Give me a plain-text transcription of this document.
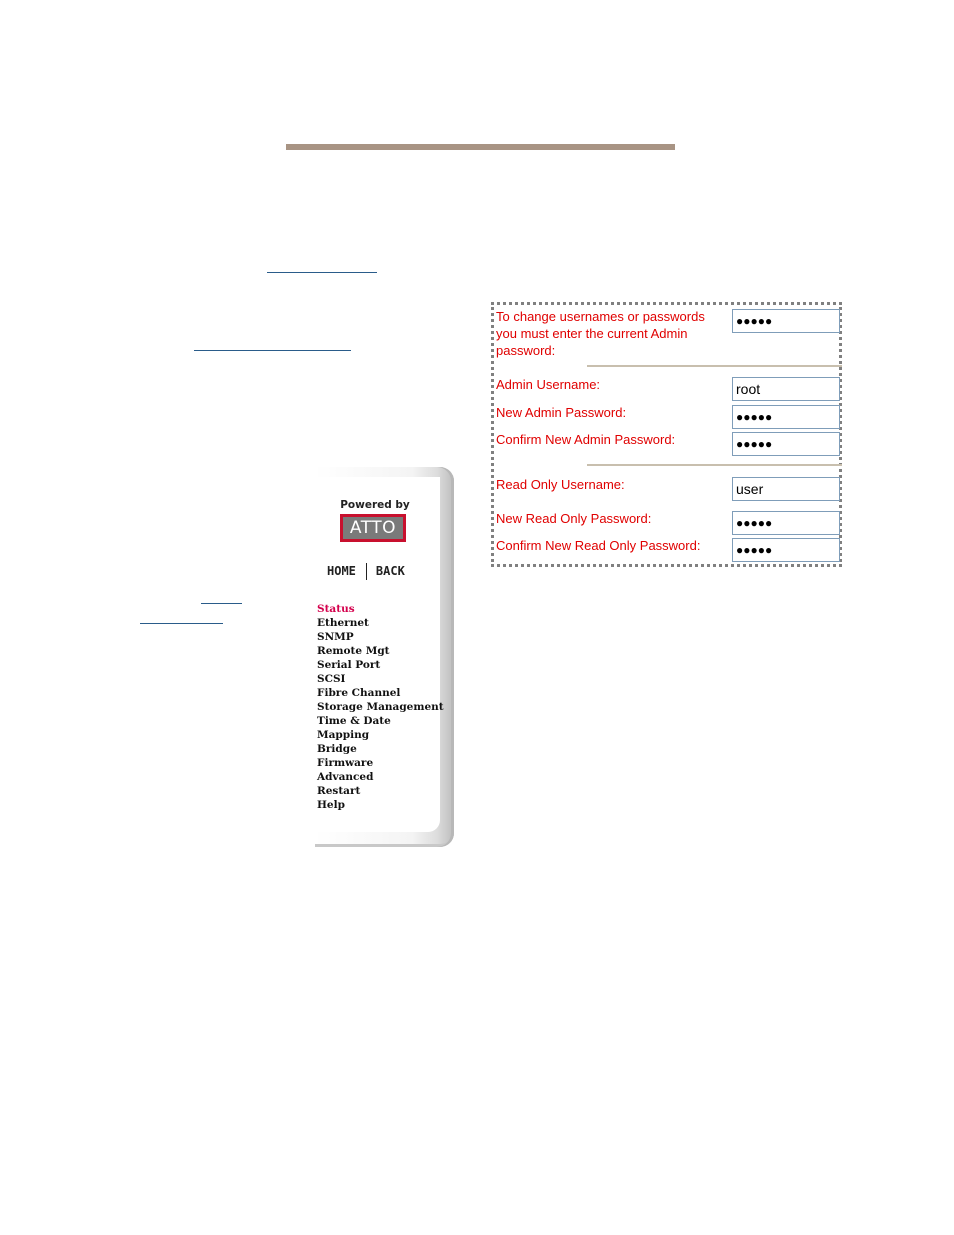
Powered by
ATTO
HOME BACK
Status
Ethernet
SNMP
Remote Mgt
Serial Port
SCSI
Fibre Channel
Storage Management
Time & Date
Mapping
Bridge
Firmware
Advanced
Restart
Help
To change usernames or passwords you must enter the current Admin password:
●●●●●
Admin Username:	root
New Admin Password:	●●●●●
Confirm New Admin Password:	●●●●●
Read Only Username:	user
New Read Only Password:	●●●●●
Confirm New Read Only Password:	●●●●●
